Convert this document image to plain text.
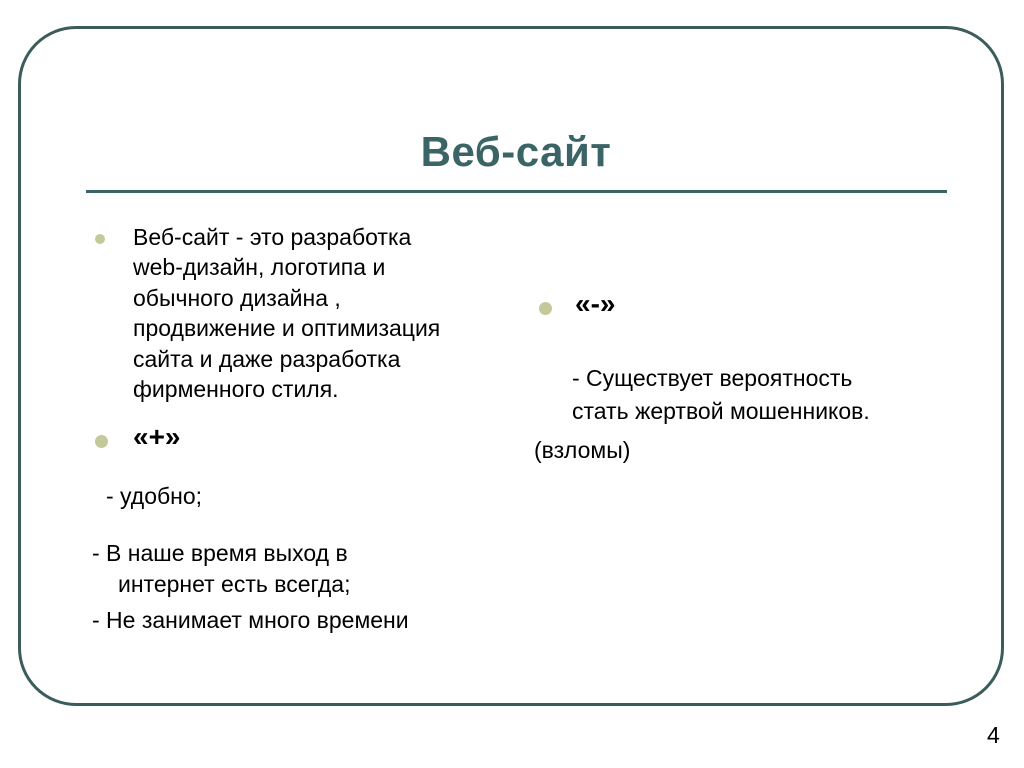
Веб-сайт
Веб-сайт - это разработка
web-дизайн, логотипа и
обычного дизайна ,
продвижение и оптимизация
сайта и даже разработка
фирменного стиля.
«+»
- удобно;
- В наше время выход в
интернет есть всегда;
- Не занимает много времени
«-»
- Существует вероятность
стать жертвой мошенников.
(взломы)
4
